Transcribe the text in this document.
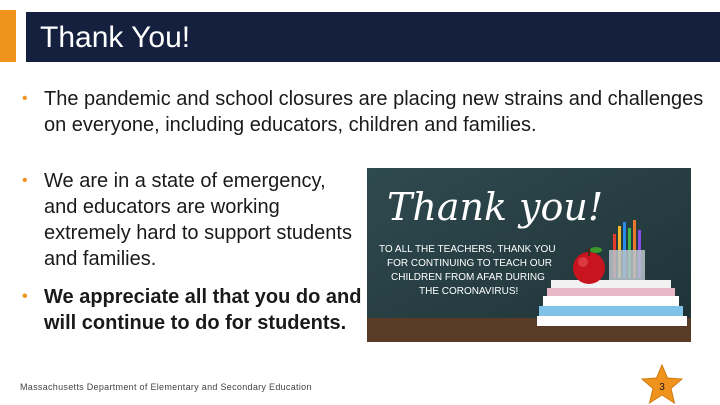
Thank You!
• The pandemic and school closures are placing new strains and challenges on everyone, including educators, children and families.
• We are in a state of emergency, and educators are working extremely hard to support students and families.
• We appreciate all that you do and will continue to do for students.
Thank you!
TO ALL THE TEACHERS, THANK YOU
FOR CONTINUING TO TEACH OUR
CHILDREN FROM AFAR DURING
THE CORONAVIRUS!
Massachusetts Department of Elementary and Secondary Education	3
